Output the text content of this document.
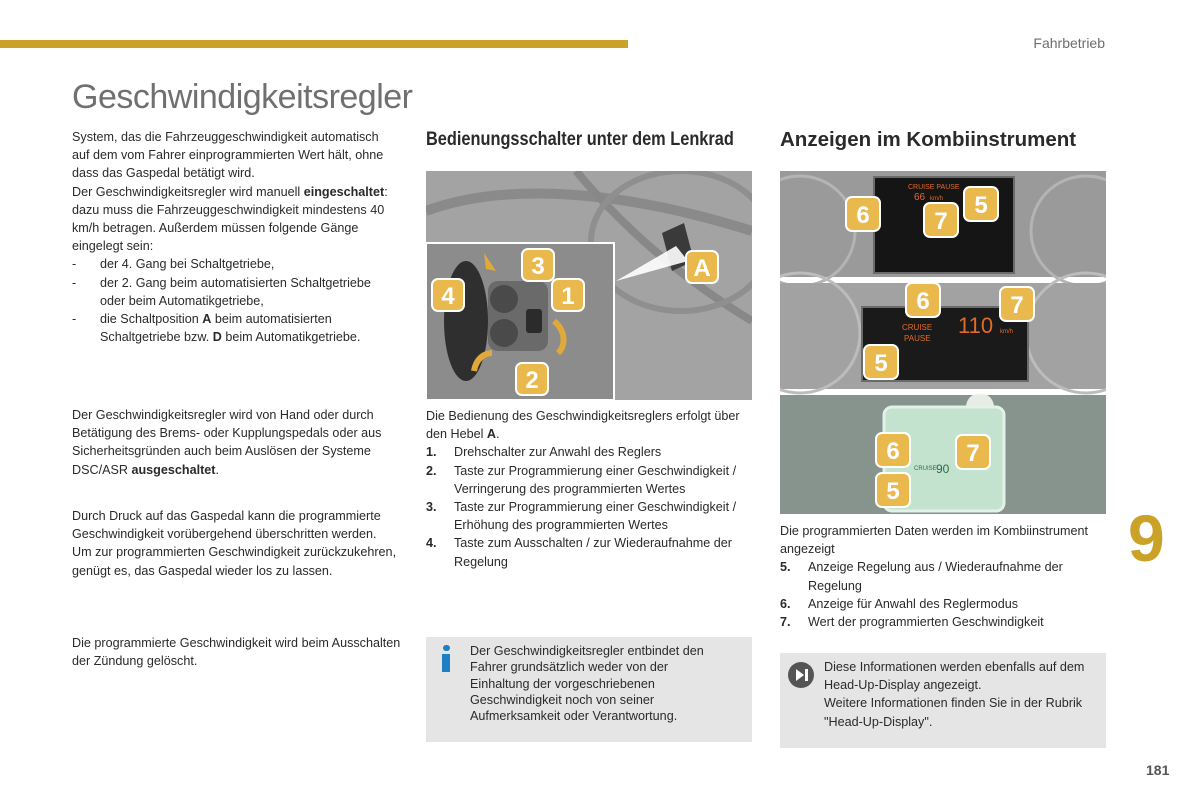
Fahrbetrieb
Geschwindigkeitsregler

System, das die Fahrzeuggeschwindigkeit automatisch auf dem vom Fahrer einprogrammierten Wert hält, ohne dass das Gaspedal betätigt wird.

Der Geschwindigkeitsregler wird manuell eingeschaltet: dazu muss die Fahrzeuggeschwindigkeit mindestens 40 km/h betragen. Außerdem müssen folgende Gänge eingelegt sein:

- der 4. Gang bei Schaltgetriebe,
- der 2. Gang beim automatisierten Schaltgetriebe oder beim Automatikgetriebe,
- die Schaltposition A beim automatisierten Schaltgetriebe bzw. D beim Automatikgetriebe.

Der Geschwindigkeitsregler wird von Hand oder durch Betätigung des Brems- oder Kupplungspedals oder aus Sicherheitsgründen auch beim Auslösen der Systeme DSC/ASR ausgeschaltet.

Durch Druck auf das Gaspedal kann die programmierte Geschwindigkeit vorübergehend überschritten werden.

Um zur programmierten Geschwindigkeit zurückzukehren, genügt es, das Gaspedal wieder los zu lassen.

Die programmierte Geschwindigkeit wird beim Ausschalten der Zündung gelöscht.

Bedienungsschalter unter dem Lenkrad
A
1
2
3
4

Die Bedienung des Geschwindigkeitsreglers erfolgt über den Hebel A.

1. Drehschalter zur Anwahl des Reglers
2. Taste zur Programmierung einer Geschwindigkeit / Verringerung des programmierten Wertes
3. Taste zur Programmierung einer Geschwindigkeit / Erhöhung des programmierten Wertes
4. Taste zum Ausschalten / zur Wiederaufnahme der Regelung
Der Geschwindigkeitsregler entbindet den Fahrer grundsätzlich weder von der Einhaltung der vorgeschriebenen Geschwindigkeit noch von seiner Aufmerksamkeit oder Verantwortung.
Anzeigen im Kombiinstrument
CRUISE PAUSE
66 km/h
6	7
5
CRUISE
PAUSE
110 km/h
6	7
5
CRUISE 90
6	7
5

Die programmierten Daten werden im Kombiinstrument angezeigt

5. Anzeige Regelung aus / Wiederaufnahme der Regelung
6. Anzeige für Anwahl des Reglermodus
7. Wert der programmierten Geschwindigkeit
Diese Informationen werden ebenfalls auf dem Head-Up-Display angezeigt.
Weitere Informationen finden Sie in der Rubrik "Head-Up-Display".
9
181
